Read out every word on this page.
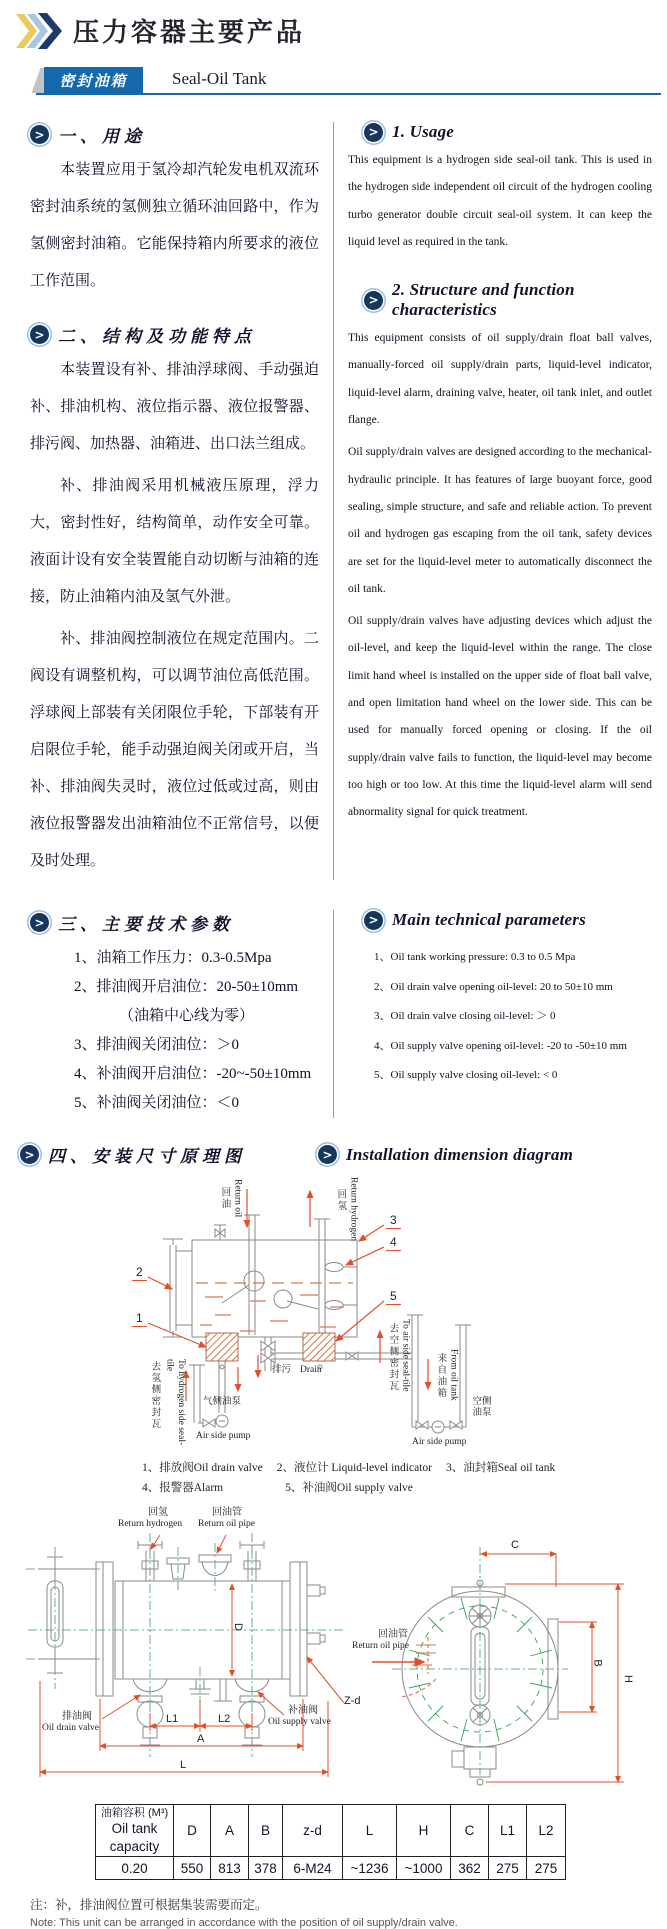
压力容器主要产品
密封油箱	Seal-Oil Tank
> 一、用途

本装置应用于氢冷却汽轮发电机双流环密封油系统的氢侧独立循环油回路中，作为氢侧密封油箱。它能保持箱内所要求的液位工作范围。

> 二、结构及功能特点

本装置设有补、排油浮球阀、手动强迫补、排油机构、液位指示器、液位报警器、排污阀、加热器、油箱进、出口法兰组成。

补、排油阀采用机械液压原理，浮力大，密封性好，结构简单，动作安全可靠。液面计设有安全装置能自动切断与油箱的连接，防止油箱内油及氢气外泄。

补、排油阀控制液位在规定范围内。二阀设有调整机构，可以调节油位高低范围。浮球阀上部装有关闭限位手轮，下部装有开启限位手轮，能手动强迫阀关闭或开启，当补、排油阀失灵时，液位过低或过高，则由液位报警器发出油箱油位不正常信号，以便及时处理。

> 1. Usage

This equipment is a hydrogen side seal-oil tank. This is used in the hydrogen side independent oil circuit of the hydrogen cooling turbo generator double circuit seal-oil system. It can keep the liquid level as required in the tank.

>
2. Structure and function characteristics

This equipment consists of oil supply/drain float ball valves, manually-forced oil supply/drain parts, liquid-level indicator, liquid-level alarm, draining valve, heater, oil tank inlet, and outlet flange.

Oil supply/drain valves are designed according to the mechanical-hydraulic principle. It has features of large buoyant force, good sealing, simple structure, and safe and reliable action. To prevent oil and hydrogen gas escaping from the oil tank, safety devices are set for the liquid-level meter to automatically disconnect the oil tank.

Oil supply/drain valves have adjusting devices which adjust the oil-level, and keep the liquid-level within the range. The close limit hand wheel is installed on the upper side of float ball valve, and open limitation hand wheel on the lower side. This can be used for manually forced opening or closing. If the oil supply/drain valve fails to function, the liquid-level may become too high or too low. At this time the liquid-level alarm will send abnormality signal for quick treatment.

> 三、主要技术参数
1、油箱工作压力：0.3-0.5Mpa
2、排油阀开启油位：20-50±10mm
（油箱中心线为零）
3、排油阀关闭油位：＞0
4、补油阀开启油位：-20~-50±10mm
5、补油阀关闭油位：＜0
> Main technical parameters
1、Oil tank working pressure: 0.3 to 0.5 Mpa
2、Oil drain valve opening oil-level: 20 to 50±10 mm
3、Oil drain valve closing oil-level: ＞ 0
4、Oil supply valve opening oil-level: -20 to -50±10 mm
5、Oil supply valve closing oil-level: < 0
> 四、安装尺寸原理图	> Installation dimension diagram
回油 Return oil	回氢 Return hydrogen
2
1
3
4
5
去氢侧密封瓦	To hydrogen side seal-tile
气侧油泵
Air side pump
排污 Drain	去空侧密封瓦 To air side seal-tile	来自油箱 From oil tank
空侧油泵
Air side pump
1、排放阀Oil drain valve 2、液位计 Liquid-level indicator 3、油封箱Seal oil tank
4、报警器Alarm	5、补油阀Oil supply valve
回氢
Return hydrogen
回油管
Return oil pipe
排油阀
Oil drain valve
补油阀
Oil supply valve
Z-d
D
L1	L2
A
L
C
B
H
回油管
Return oil pipe
油箱容积 (M³)
Oil tank capacity	D	A	B	z-d	L	H	C	L1	L2
0.20	550	813	378	6-M24	~1236	~1000	362	275	275
注：补，排油阀位置可根据集装需要而定。
Note: This unit can be arranged in accordance with the position of oil supply/drain valve.
